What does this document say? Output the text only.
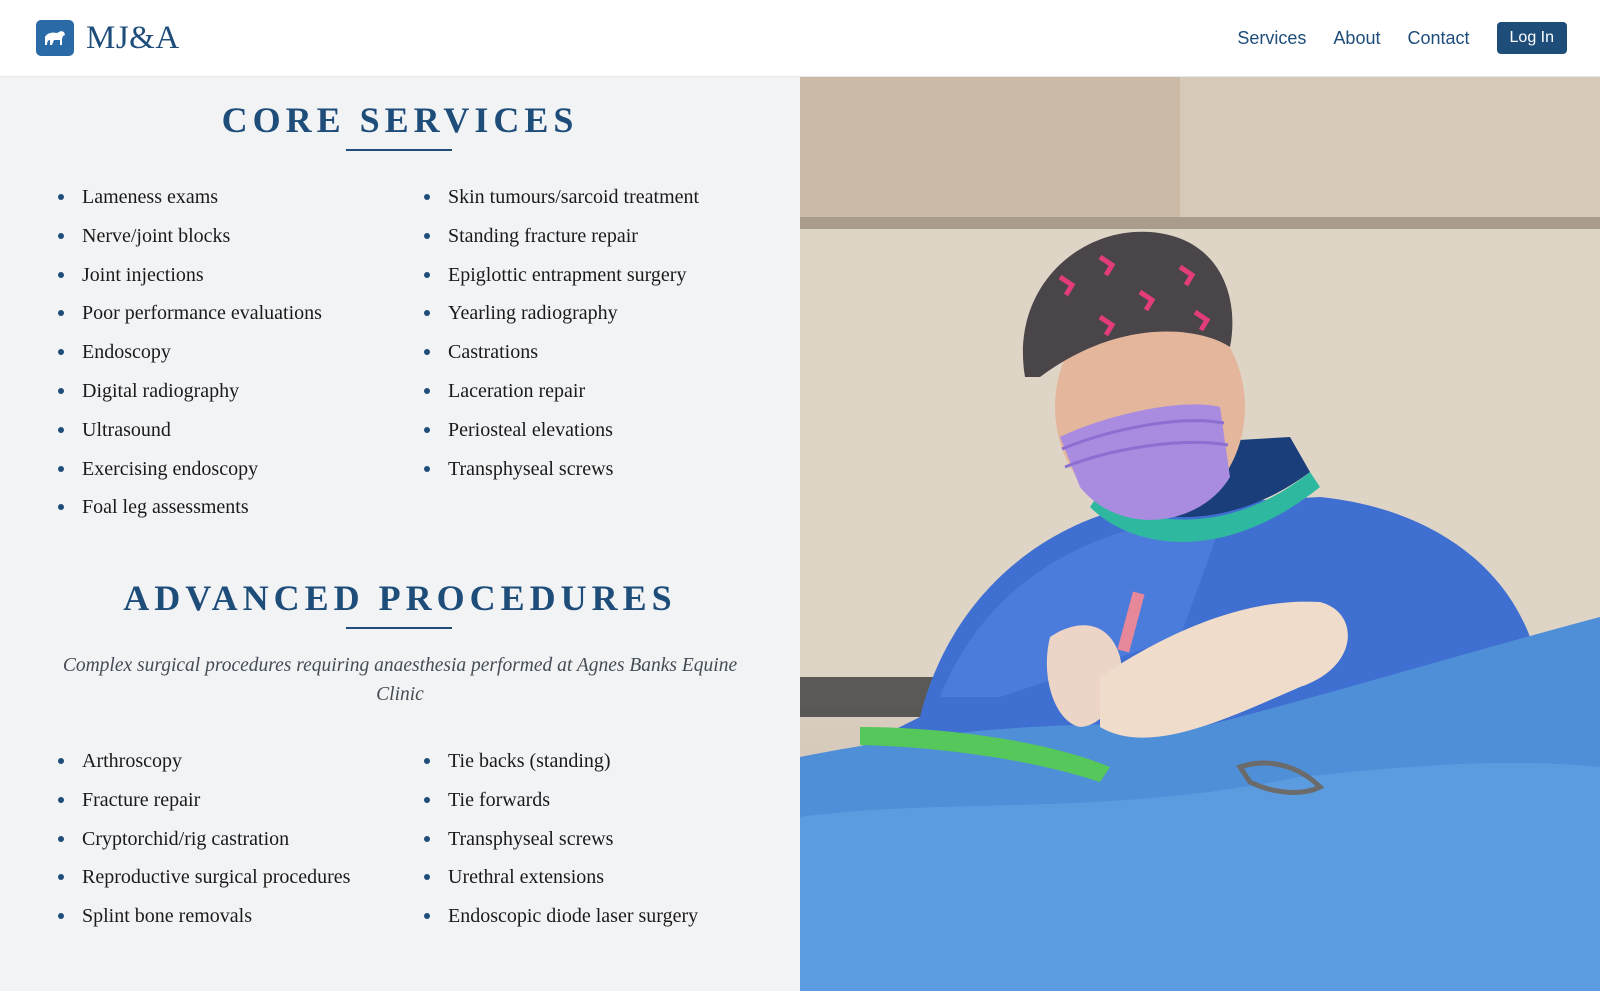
MJ&A	Services About Contact	Log In
CORE SERVICES
Lameness exams
Nerve/joint blocks
Joint injections
Poor performance evaluations
Endoscopy
Digital radiography
Ultrasound
Exercising endoscopy
Foal leg assessments
Skin tumours/sarcoid treatment
Standing fracture repair
Epiglottic entrapment surgery
Yearling radiography
Castrations
Laceration repair
Periosteal elevations
Transphyseal screws
ADVANCED PROCEDURES

Complex surgical procedures requiring anaesthesia performed at Agnes Banks Equine Clinic

Arthroscopy
Fracture repair
Cryptorchid/rig castration
Reproductive surgical procedures
Splint bone removals
Tie backs (standing)
Tie forwards
Transphyseal screws
Urethral extensions
Endoscopic diode laser surgery
